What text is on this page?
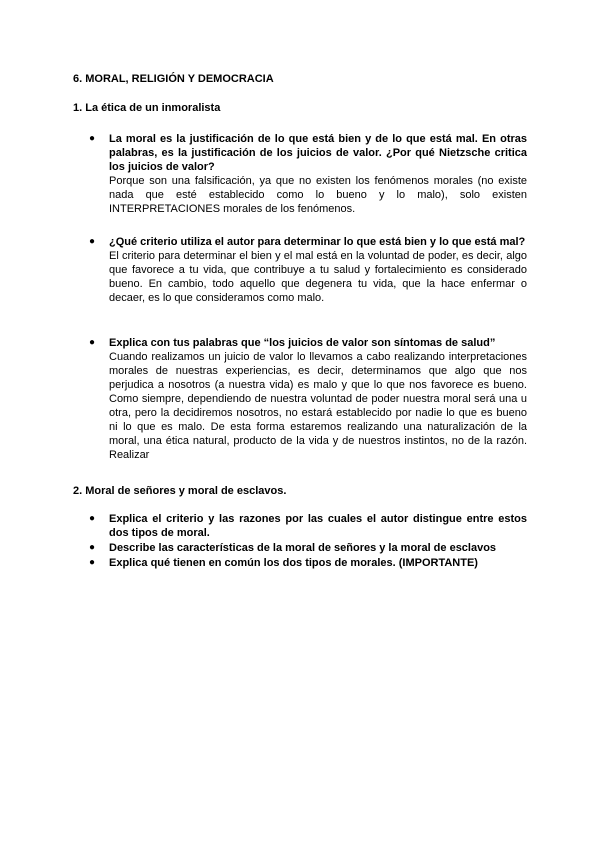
6. MORAL, RELIGIÓN Y DEMOCRACIA
1. La ética de un inmoralista
●	La moral es la justificación de lo que está bien y de lo que está mal. En otras palabras, es la justificación de los juicios de valor. ¿Por qué Nietzsche critica los juicios de valor?

Porque son una falsificación, ya que no existen los fenómenos morales (no existe nada que esté establecido como lo bueno y lo malo), solo existen INTERPRETACIONES morales de los fenómenos.

●	¿Qué criterio utiliza el autor para determinar lo que está bien y lo que está mal?

El criterio para determinar el bien y el mal está en la voluntad de poder, es decir, algo que favorece a tu vida, que contribuye a tu salud y fortalecimiento es considerado bueno. En cambio, todo aquello que degenera tu vida, que la hace enfermar o decaer, es lo que consideramos como malo.

●	Explica con tus palabras que “los juicios de valor son síntomas de salud”

Cuando realizamos un juicio de valor lo llevamos a cabo realizando interpretaciones morales de nuestras experiencias, es decir, determinamos que algo que nos perjudica a nosotros (a nuestra vida) es malo y que lo que nos favorece es bueno. Como siempre, dependiendo de nuestra voluntad de poder nuestra moral será una u otra, pero la decidiremos nosotros, no estará establecido por nadie lo que es bueno ni lo que es malo. De esta forma estaremos realizando una naturalización de la moral, una ética natural, producto de la vida y de nuestros instintos, no de la razón. Realizar

2. Moral de señores y moral de esclavos.
●	Explica el criterio y las razones por las cuales el autor distingue entre estos dos tipos de moral.

●	Describe las características de la moral de señores y la moral de esclavos

●	Explica qué tienen en común los dos tipos de morales. (IMPORTANTE)
